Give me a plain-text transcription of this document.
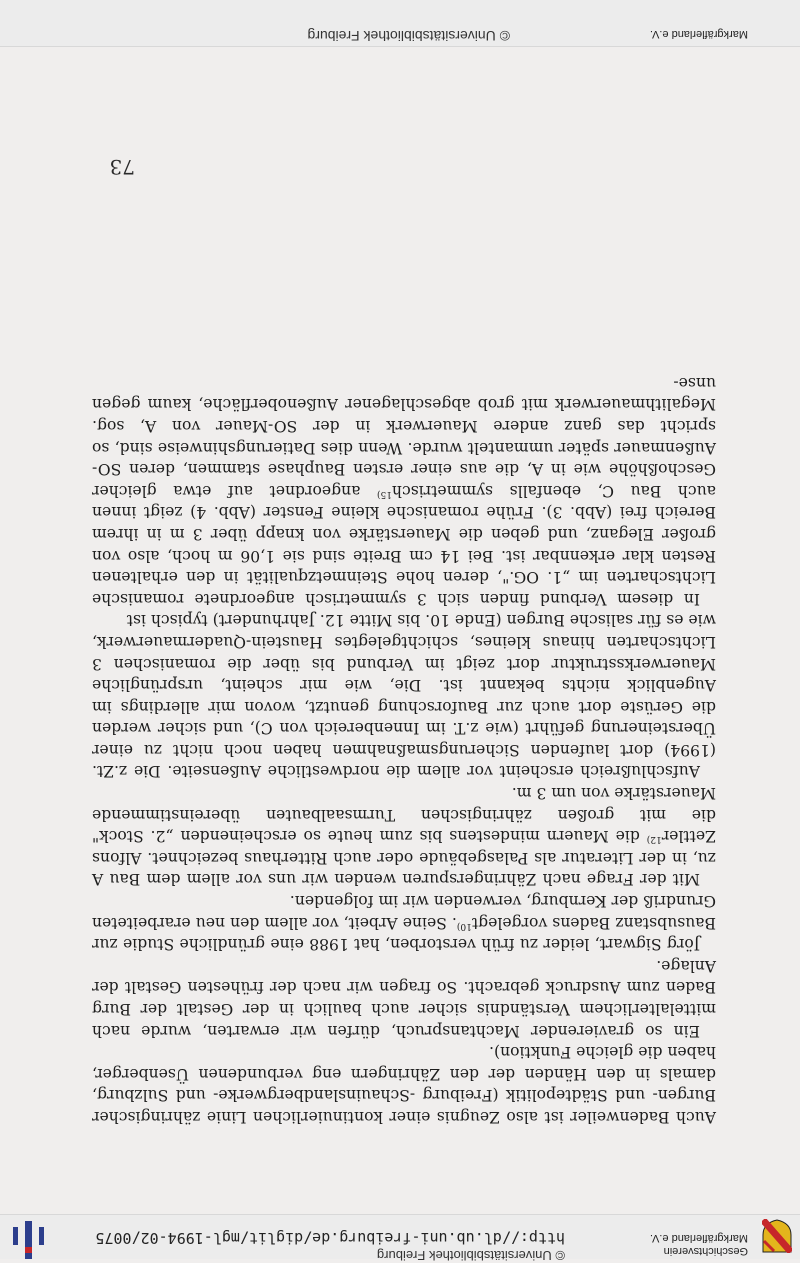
Geschichtsverein
Markgräflerland e.V.
http://dl.ub.uni-freiburg.de/diglit/mgl-1994-02/0075
© Universitätsbibliothek Freiburg
73

Auch Badenweiler ist also Zeugnis einer kontinuierlichen Linie zähringischer Burgen- und Städtepolitik (Freiburg -Schauinslandbergwerke- und Sulzburg, damals in den Händen der den Zähringern eng verbundenen Üsenberger, haben die gleiche Funktion).

Ein so gravierender Machtanspruch, dürfen wir erwarten, wurde nach mittelalterlichem Verständnis sicher auch baulich in der Gestalt der Burg Baden zum Ausdruck gebracht. So fragen wir nach der frühesten Gestalt der Anlage.

Jörg Sigwart, leider zu früh verstorben, hat 1988 eine gründliche Studie zur Bausubstanz Badens vorgelegt$^{10)}$. Seine Arbeit, vor allem den neu erarbeiteten Grundriß der Kernburg, verwenden wir im folgenden.

Mit der Frage nach Zähringerspuren wenden wir uns vor allem dem Bau A zu, in der Literatur als Palasgebäude oder auch Ritterhaus bezeichnet. Alfons Zettler$^{12)}$ die Mauern mindestens bis zum heute so erscheinenden „2. Stock" die mit großen zähringischen Turmsaalbauten übereinstimmende Mauerstärke von um 3 m.

Aufschlußreich erscheint vor allem die nordwestliche Außenseite. Die z.Zt. (1994) dort laufenden Sicherungsmaßnahmen haben noch nicht zu einer Übersteinerung geführt (wie z.T. im Innenbereich von C), und sicher werden die Gerüste dort auch zur Bauforschung genutzt, wovon mir allerdings im Augenblick nichts bekannt ist. Die, wie mir scheint, ursprüngliche Mauerwerksstruktur dort zeigt im Verbund bis über die romanischen 3 Lichtscharten hinaus kleines, schichtgelegtes Haustein-Quadermauerwerk, wie es für salische Burgen (Ende 10. bis Mitte 12. Jahrhundert) typisch ist

In diesem Verbund finden sich 3 symmetrisch angeordnete romanische Lichtscharten im „1. OG.", deren hohe Steinmetzqualität in den erhaltenen Resten klar erkennbar ist. Bei 14 cm Breite sind sie 1,06 m hoch, also von großer Eleganz, und geben die Mauerstärke von knapp über 3 m in ihrem Bereich frei (Abb. 3). Frühe romanische kleine Fenster (Abb. 4) zeigt innen auch Bau C, ebenfalls symmetrisch$^{15)}$ angeordnet auf etwa gleicher Geschoßhöhe wie in A, die aus einer ersten Bauphase stammen, deren SO-Außenmauer später ummantelt wurde. Wenn dies Datierungshinweise sind, so spricht das ganz andere Mauerwerk in der SO-Mauer von A, sog. Megalithmauerwerk mit grob abgeschlagener Außenoberfläche, kaum gegen unse-

Markgräflerland e.V.
© Universitätsbibliothek Freiburg
